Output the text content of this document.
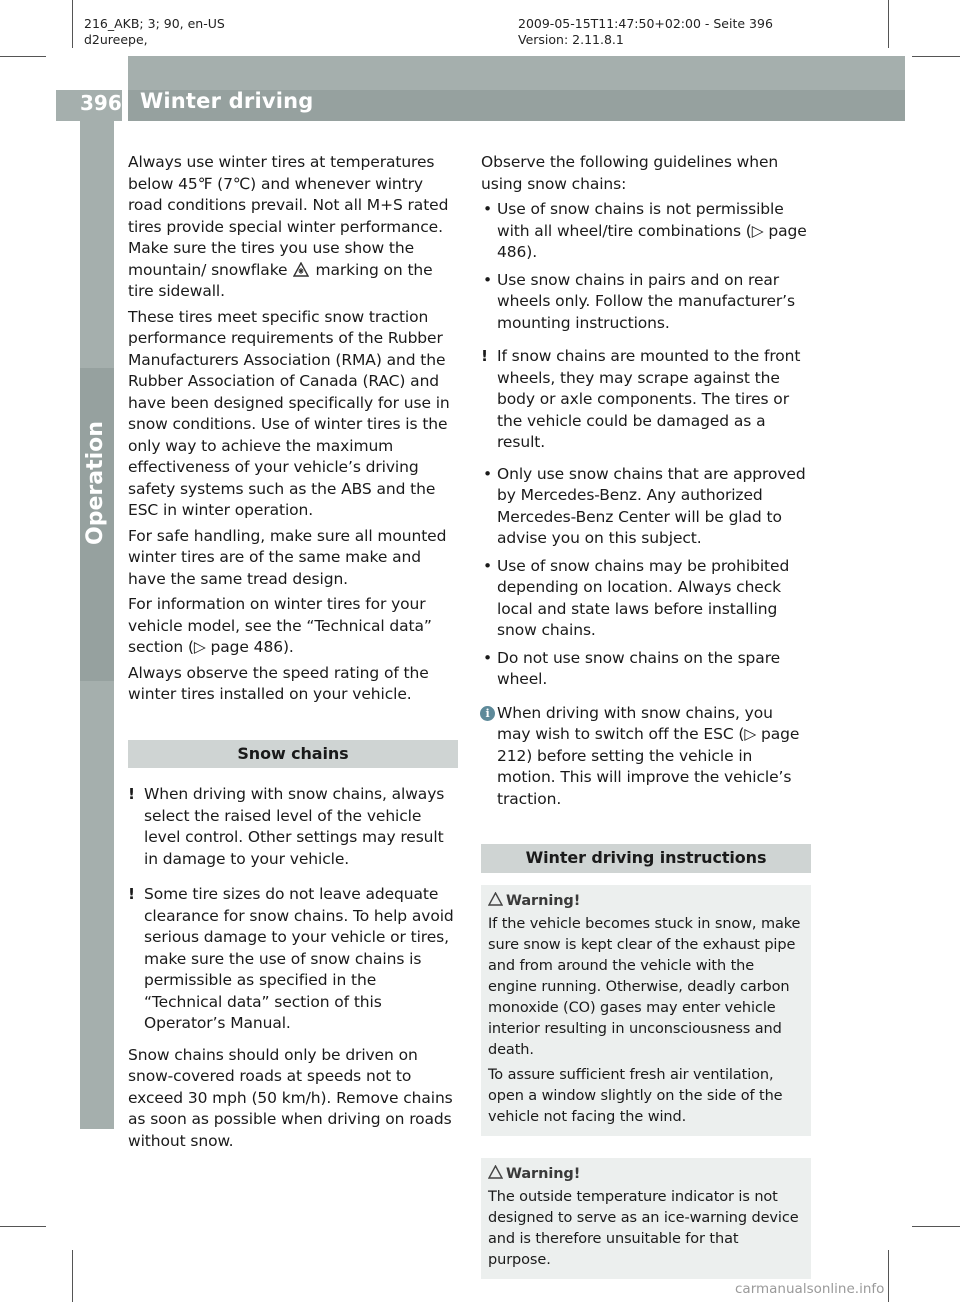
216_AKB; 3; 90, en-US
d2ureepe,
2009-05-15T11:47:50+02:00 - Seite 396
Version: 2.11.8.1
396 Winter driving
Operation

Always use winter tires at temperatures below 45℉ (7℃) and whenever wintry road conditions prevail. Not all M+S rated tires provide special winter performance. Make sure the tires you use show the mountain/ snowflake marking on the tire sidewall.

These tires meet specific snow traction performance requirements of the Rubber Manufacturers Association (RMA) and the Rubber Association of Canada (RAC) and have been designed specifically for use in snow conditions. Use of winter tires is the only way to achieve the maximum effectiveness of your vehicle’s driving safety systems such as the ABS and the ESC in winter operation.

For safe handling, make sure all mounted winter tires are of the same make and have the same tread design.

For information on winter tires for your vehicle model, see the “Technical data” section (▷ page 486).

Always observe the speed rating of the winter tires installed on your vehicle.

Snow chains
! When driving with snow chains, always select the raised level of the vehicle level control. Other settings may result in damage to your vehicle.
! Some tire sizes do not leave adequate clearance for snow chains. To help avoid serious damage to your vehicle or tires, make sure the use of snow chains is permissible as specified in the “Technical data” section of this Operator’s Manual.

Snow chains should only be driven on snow-covered roads at speeds not to exceed 30 mph (50 km/h). Remove chains as soon as possible when driving on roads without snow.

Observe the following guidelines when using snow chains:

• Use of snow chains is not permissible with all wheel/tire combinations (▷ page 486).
• Use snow chains in pairs and on rear wheels only. Follow the manufacturer’s mounting instructions.
! If snow chains are mounted to the front wheels, they may scrape against the body or axle components. The tires or the vehicle could be damaged as a result.
• Only use snow chains that are approved by Mercedes-Benz. Any authorized Mercedes-Benz Center will be glad to advise you on this subject.
• Use of snow chains may be prohibited depending on location. Always check local and state laws before installing snow chains.
• Do not use snow chains on the spare wheel.
i When driving with snow chains, you may wish to switch off the ESC (▷ page 212) before setting the vehicle in motion. This will improve the vehicle’s traction.
Winter driving instructions
Warning!

If the vehicle becomes stuck in snow, make sure snow is kept clear of the exhaust pipe and from around the vehicle with the engine running. Otherwise, deadly carbon monoxide (CO) gases may enter vehicle interior resulting in unconsciousness and death.

To assure sufficient fresh air ventilation, open a window slightly on the side of the vehicle not facing the wind.

Warning!

The outside temperature indicator is not designed to serve as an ice-warning device and is therefore unsuitable for that purpose.

carmanualsonline.info
